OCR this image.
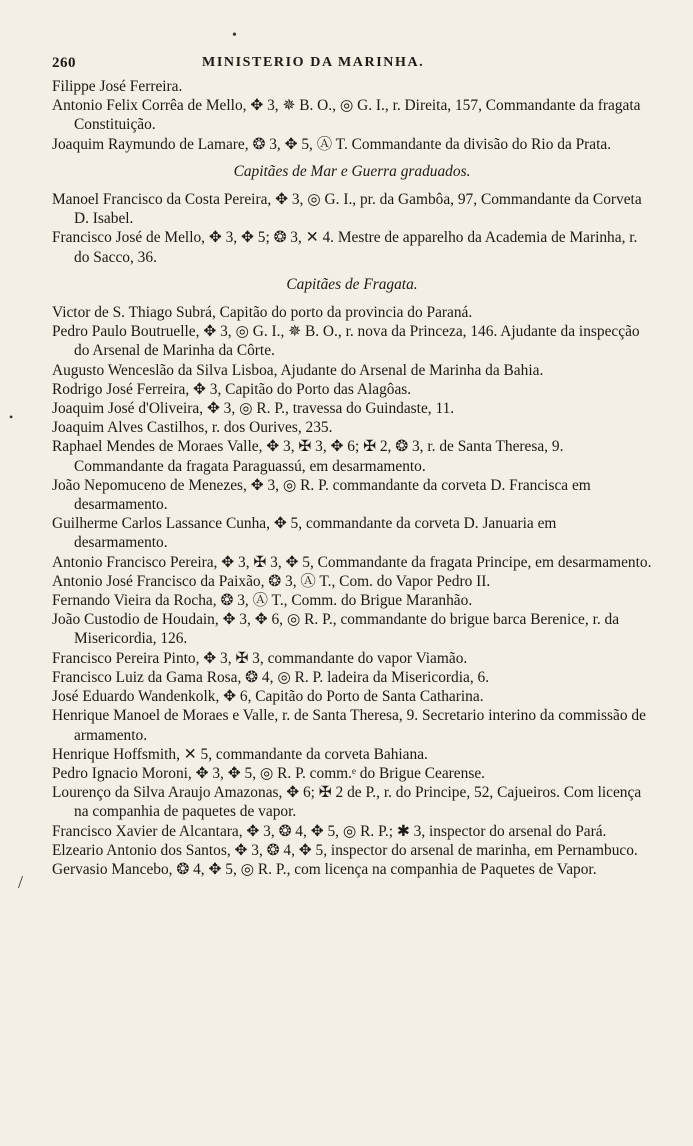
260	MINISTERIO DA MARINHA.

Filippe José Ferreira.

Antonio Felix Corrêa de Mello, ✥ 3, ✵ B. O., ◎ G. I., r. Direita, 157, Commandante da fragata Constituição.

Joaquim Raymundo de Lamare, ❂ 3, ✥ 5, Ⓐ T. Commandante da divisão do Rio da Prata.

Capitães de Mar e Guerra graduados.

Manoel Francisco da Costa Pereira, ✥ 3, ◎ G. I., pr. da Gambôa, 97, Commandante da Corveta D. Isabel.

Francisco José de Mello, ✥ 3, ✥ 5; ❂ 3, ✕ 4. Mestre de apparelho da Academia de Marinha, r. do Sacco, 36.

Capitães de Fragata.

Victor de S. Thiago Subrá, Capitão do porto da provincia do Paraná.

Pedro Paulo Boutruelle, ✥ 3, ◎ G. I., ✵ B. O., r. nova da Princeza, 146. Ajudante da inspecção do Arsenal de Marinha da Côrte.

Augusto Wenceslão da Silva Lisboa, Ajudante do Arsenal de Marinha da Bahia.

Rodrigo José Ferreira, ✥ 3, Capitão do Porto das Alagôas.

Joaquim José d'Oliveira, ✥ 3, ◎ R. P., travessa do Guindaste, 11.

Joaquim Alves Castilhos, r. dos Ourives, 235.

Raphael Mendes de Moraes Valle, ✥ 3, ✠ 3, ✥ 6; ✠ 2, ❂ 3, r. de Santa Theresa, 9. Commandante da fragata Paraguassú, em desarmamento.

João Nepomuceno de Menezes, ✥ 3, ◎ R. P. commandante da corveta D. Francisca em desarmamento.

Guilherme Carlos Lassance Cunha, ✥ 5, commandante da corveta D. Januaria em desarmamento.

Antonio Francisco Pereira, ✥ 3, ✠ 3, ✥ 5, Commandante da fragata Principe, em desarmamento.

Antonio José Francisco da Paixão, ❂ 3, Ⓐ T., Com. do Vapor Pedro II.

Fernando Vieira da Rocha, ❂ 3, Ⓐ T., Comm. do Brigue Maranhão.

João Custodio de Houdain, ✥ 3, ✥ 6, ◎ R. P., commandante do brigue barca Berenice, r. da Misericordia, 126.

Francisco Pereira Pinto, ✥ 3, ✠ 3, commandante do vapor Viamão.

Francisco Luiz da Gama Rosa, ❂ 4, ◎ R. P. ladeira da Misericordia, 6.

José Eduardo Wandenkolk, ✥ 6, Capitão do Porto de Santa Catharina.

Henrique Manoel de Moraes e Valle, r. de Santa Theresa, 9. Secretario interino da commissão de armamento.

Henrique Hoffsmith, ✕ 5, commandante da corveta Bahiana.

Pedro Ignacio Moroni, ✥ 3, ✥ 5, ◎ R. P. comm.ᵉ do Brigue Cearense.

Lourenço da Silva Araujo Amazonas, ✥ 6; ✠ 2 de P., r. do Principe, 52, Cajueiros. Com licença na companhia de paquetes de vapor.

Francisco Xavier de Alcantara, ✥ 3, ❂ 4, ✥ 5, ◎ R. P.; ✱ 3, inspector do arsenal do Pará.

Elzeario Antonio dos Santos, ✥ 3, ❂ 4, ✥ 5, inspector do arsenal de marinha, em Pernambuco.

Gervasio Mancebo, ❂ 4, ✥ 5, ◎ R. P., com licença na companhia de Paquetes de Vapor.

•
•
/
